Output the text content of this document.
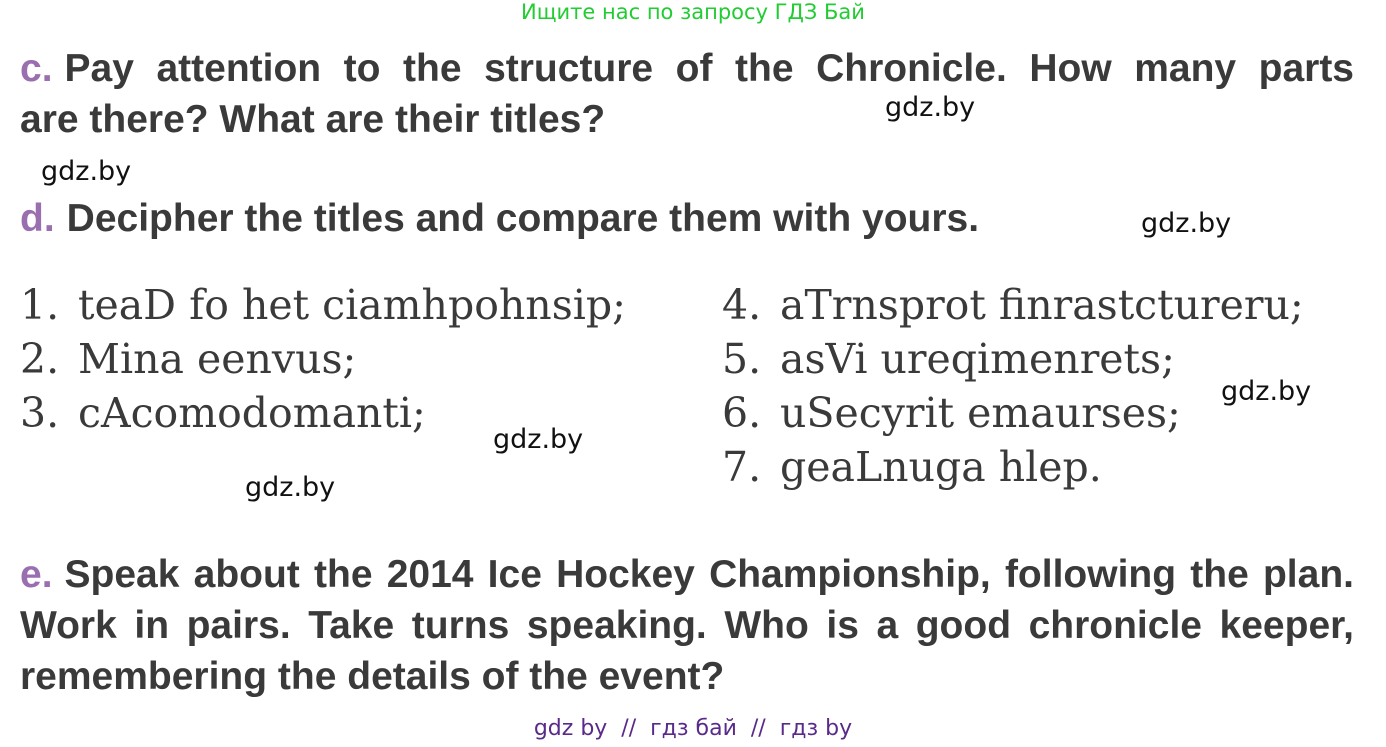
Ищите нас по запросу ГДЗ Бай
c. Pay attention to the structure of the Chronicle. How many parts
are there? What are their titles?
d. Decipher the titles and compare them with yours.
1. teaD fo het ciamhpohnsip;
2. Mina eenvus;
3. cAcomodomanti;
4. aTrnsprot finrastctureru;
5. asVi ureqimenrets;
6. uSecyrit emaurses;
7. geaLnuga hlep.
e. Speak about the 2014 Ice Hockey Championship, following the plan. Work in pairs. Take turns speaking. Who is a good chronicle keeper, remembering the details of the event?
gdz.by
gdz.by
gdz.by
gdz.by
gdz.by
gdz.by
gdz by  //  гдз бай  //  гдз by
